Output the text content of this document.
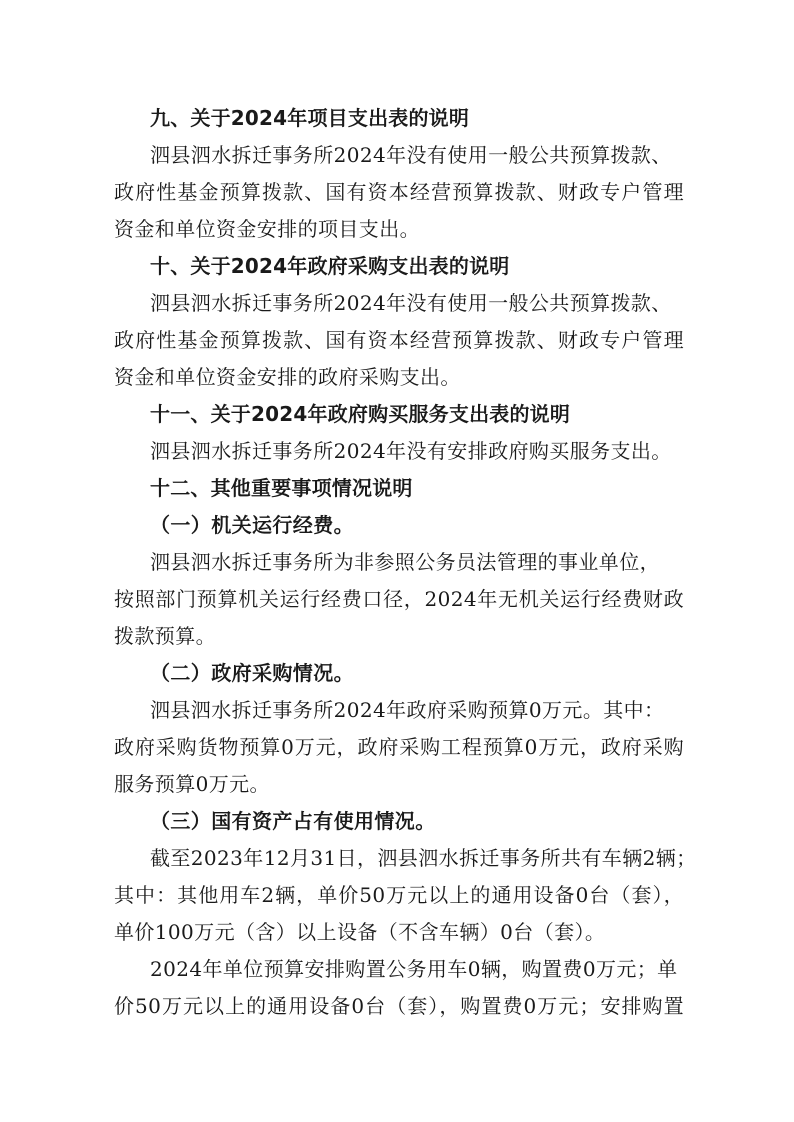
九、关于2024年项目支出表的说明
泗县泗水拆迁事务所2024年没有使用一般公共预算拨款、
政府性基金预算拨款、国有资本经营预算拨款、财政专户管理
资金和单位资金安排的项目支出。
十、关于2024年政府采购支出表的说明
泗县泗水拆迁事务所2024年没有使用一般公共预算拨款、
政府性基金预算拨款、国有资本经营预算拨款、财政专户管理
资金和单位资金安排的政府采购支出。
十一、关于2024年政府购买服务支出表的说明
泗县泗水拆迁事务所2024年没有安排政府购买服务支出。
十二、其他重要事项情况说明
（一）机关运行经费。
泗县泗水拆迁事务所为非参照公务员法管理的事业单位，
按照部门预算机关运行经费口径，2024年无机关运行经费财政
拨款预算。
（二）政府采购情况。
泗县泗水拆迁事务所2024年政府采购预算0万元。其中：
政府采购货物预算0万元，政府采购工程预算0万元，政府采购
服务预算0万元。
（三）国有资产占有使用情况。
截至2023年12月31日，泗县泗水拆迁事务所共有车辆2辆；
其中：其他用车2辆，单价50万元以上的通用设备0台（套），
单价100万元（含）以上设备（不含车辆）0台（套）。
2024年单位预算安排购置公务用车0辆，购置费0万元；单
价50万元以上的通用设备0台（套），购置费0万元；安排购置
